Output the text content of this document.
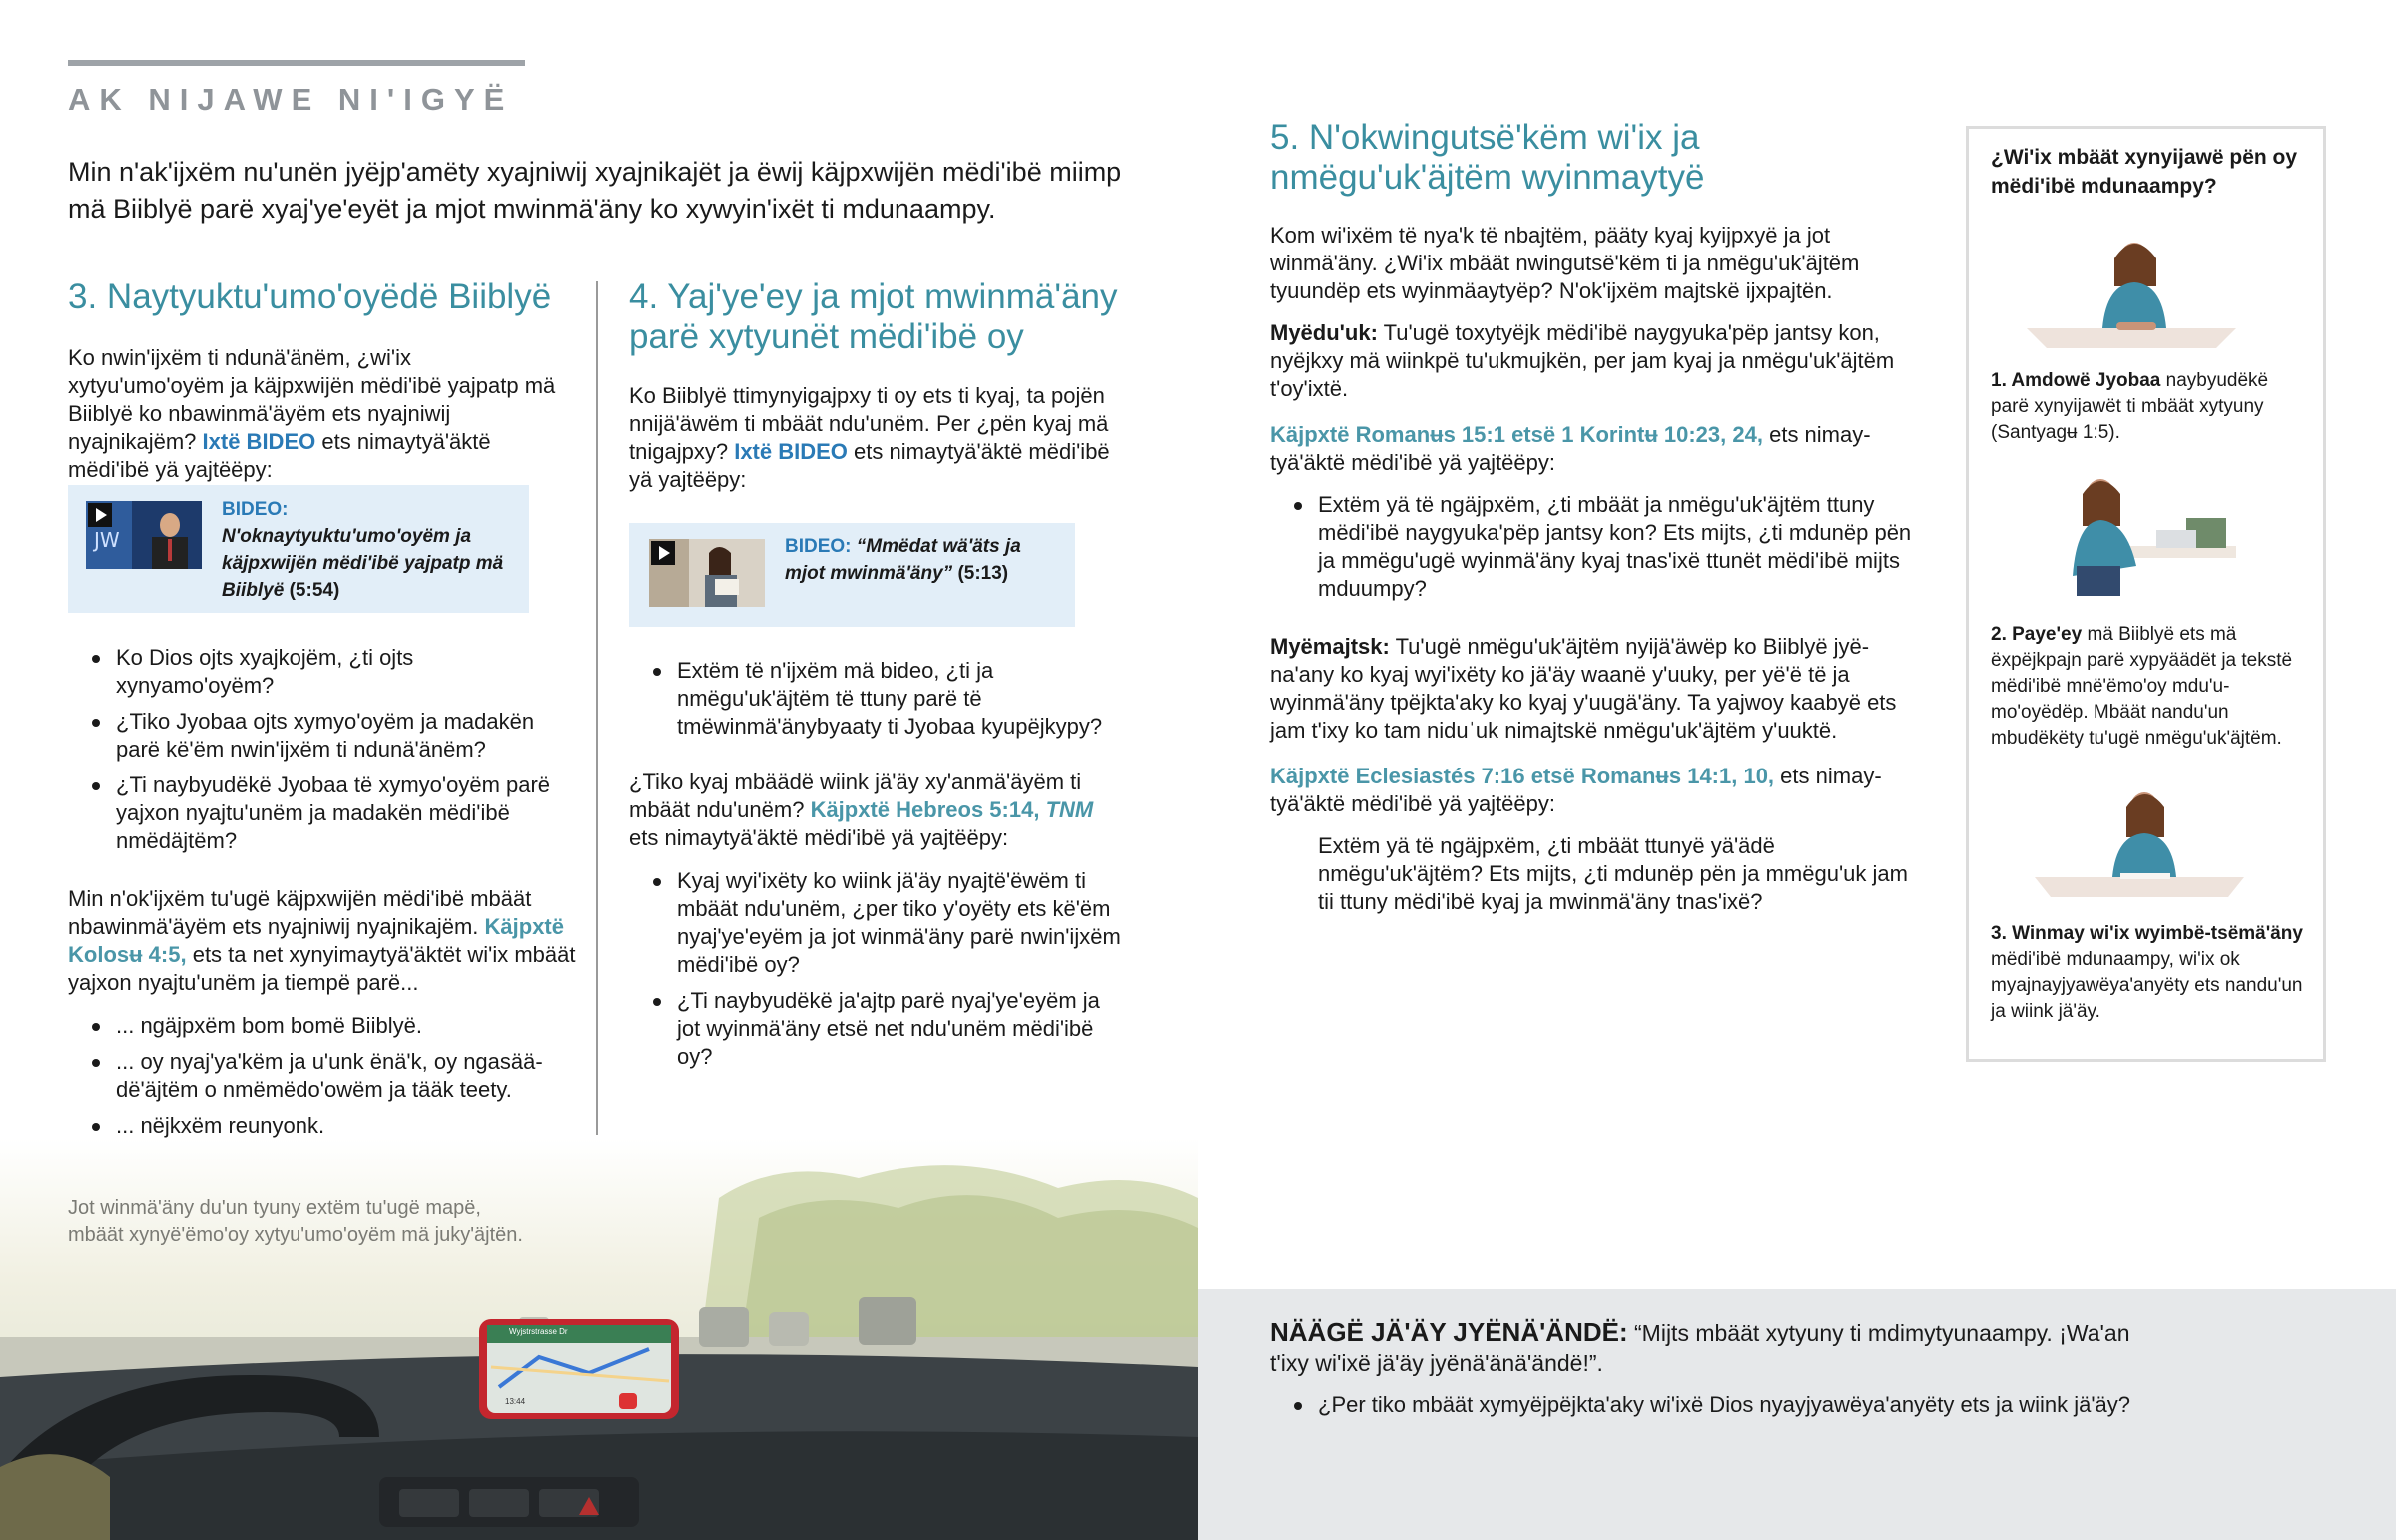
AK NIJAWE NI'IGYË
Min n'ak'ijxëm nu'unën jyëjp'amëty xyajniwij xyajnikajët ja ëwij käjpxwijën mëdi'ibë miimp mä Biiblyë parë xyaj'ye'eyët ja mjot mwinmä'äny ko xywyin'ixët ti mdunaampy.
3. Naytyuktu'umo'oyëdë Biiblyë
Ko nwin'ijxëm ti ndunä'änëm, ¿wi'ix xytyu'umo'oyëm ja käjpxwijën mëdi'ibë yajpatp mä Biiblyë ko nbawinmä'äyëm ets nyajniwij nyajnikajëm? Ixtë BIDEO ets nimaytyä'äktë mëdi'ibë yä yajtëëpy:
JW
BIDEO: N'oknaytyuktu'umo'oyëm ja käjpxwijën mëdi'ibë yajpatp mä Biiblyë (5:54)
Ko Dios ojts xyajkojëm, ¿ti ojts xynyamo'oyëm?
¿Tiko Jyobaa ojts xymyo'oyëm ja madakën parë kë'ëm nwin'ijxëm ti ndunä'änëm?
¿Ti naybyudëkë Jyobaa të xymyo'oyëm parë yajxon nyajtu'unëm ja madakën mëdi'ibë nmëdäjtëm?
Min n'ok'ijxëm tu'ugë käjpxwijën mëdi'ibë mbäät nbawinmä'äyëm ets nyajniwij nyajnikajëm. Käjpxtë Kolosʉ 4:5, ets ta net xynyimaytyä'äktët wi'ix mbäät yajxon nyajtu'unëm ja tiempë parë...
... ngäjpxëm bom bomë Biiblyë.
... oy nyaj'ya'këm ja u'unk ënä'k, oy ngasää-dë'äjtëm o nmëmëdo'owëm ja tääk teety.
... nëjkxëm reunyonk.
4. Yaj'ye'ey ja mjot mwinmä'äny parë xytyunët mëdi'ibë oy
Ko Biiblyë ttimynyigajpxy ti oy ets ti kyaj, ta pojën nnijä'äwëm ti mbäät ndu'unëm. Per ¿pën kyaj mä tnigajpxy? Ixtë BIDEO ets nimaytyä'äktë mëdi'ibë yä yajtëëpy:
BIDEO: “Mmëdat wä'äts ja mjot mwinmä'äny” (5:13)
Extëm të n'ijxëm mä bideo, ¿ti ja nmëgu'uk'äjtëm të ttuny parë të tmëwinmä'änybyaaty ti Jyobaa kyupëjkypy?
¿Tiko kyaj mbäädë wiink jä'äy xy'anmä'äyëm ti mbäät ndu'unëm? Käjpxtë Hebreos 5:14, TNM ets nimaytyä'äktë mëdi'ibë yä yajtëëpy:
Kyaj wyi'ixëty ko wiink jä'äy nyajtë'ëwëm ti mbäät ndu'unëm, ¿per tiko y'oyëty ets kë'ëm nyaj'ye'eyëm ja jot winmä'äny parë nwin'ijxëm mëdi'ibë oy?
¿Ti naybyudëkë ja'ajtp parë nyaj'ye'eyëm ja jot wyinmä'äny etsë net ndu'unëm mëdi'ibë oy?
Jot winmä'äny du'un tyuny extëm tu'ugë mapë, mbäät xynyë'ëmo'oy xytyu'umo'oyëm mä juky'äjtën.
Wyjstrstrasse Dr
13:44
5. N'okwingutsë'këm wi'ix ja nmëgu'uk'äjtëm wyinmaytyë
Kom wi'ixëm të nya'k të nbajtëm, pääty kyaj kyijpxyë ja jot winmä'äny. ¿Wi'ix mbäät nwingutsë'këm ti ja nmëgu'uk'äjtëm tyuundëp ets wyinmäaytyëp? N'ok'ijxëm majtskë ijxpajtën.
Myëdu'uk: Tu'ugë toxytyëjk mëdi'ibë naygyuka'pëp jantsy kon, nyëjkxy mä wiinkpë tu'ukmujkën, per jam kyaj ja nmëgu'uk'äjtëm t'oy'ixtë.
Käjpxtë Romanʉs 15:1 etsë 1 Korintʉ 10:23, 24, ets nimay-tyä'äktë mëdi'ibë yä yajtëëpy:
Extëm yä të ngäjpxëm, ¿ti mbäät ja nmëgu'uk'äjtëm ttuny mëdi'ibë naygyuka'pëp jantsy kon? Ets mijts, ¿ti mdunëp pën ja mmëgu'ugë wyinmä'äny kyaj tnas'ixë ttunët mëdi'ibë mijts mduumpy?
Myëmajtsk: Tu'ugë nmëgu'uk'äjtëm nyijä'äwëp ko Biiblyë jyë-na'any ko kyaj wyi'ixëty ko jä'äy waanë y'uuky, per yë'ë të ja wyinmä'äny tpëjkta'aky ko kyaj y'uugä'äny. Ta yajwoy kaabyë ets jam t'ixy ko tam niduˈuk nimajtskë nmëgu'uk'äjtëm y'uuktë.
Käjpxtë Eclesiastés 7:16 etsë Romanʉs 14:1, 10, ets nimay-tyä'äktë mëdi'ibë yä yajtëëpy:
Extëm yä të ngäjpxëm, ¿ti mbäät ttunyë yä'ädë nmëgu'uk'äjtëm? Ets mijts, ¿ti mdunëp pën ja mmëgu'uk jam tii ttuny mëdi'ibë kyaj ja mwinmä'äny tnas'ixë?
¿Wi'ix mbäät xynyijawë pën oy mëdi'ibë mdunaampy?
1. Amdowë Jyobaa naybyudëkë parë xynyijawët ti mbäät xytyuny (Santyagʉ 1:5).
2. Paye'ey mä Biiblyë ets mä ëxpëjkpajn parë xypyäädët ja tekstë mëdi'ibë mnë'ëmo'oy mdu'u-mo'oyëdëp. Mbäät nandu'un mbudëkëty tu'ugë nmëgu'uk'äjtëm.
3. Winmay wi'ix wyimbë-tsëmä'äny mëdi'ibë mdunaampy, wi'ix ok myajnayjyawëya'anyëty ets nandu'un ja wiink jä'äy.
NÄÄGË JÄ'ÄY JYËNÄ'ÄNDË: “Mijts mbäät xytyuny ti mdimytyunaampy. ¡Wa'an t'ixy wi'ixë jä'äy jyënä'änä'ändë!”.
¿Per tiko mbäät xymyëjpëjkta'aky wi'ixë Dios nyayjyawëya'anyëty ets ja wiink jä'äy?
